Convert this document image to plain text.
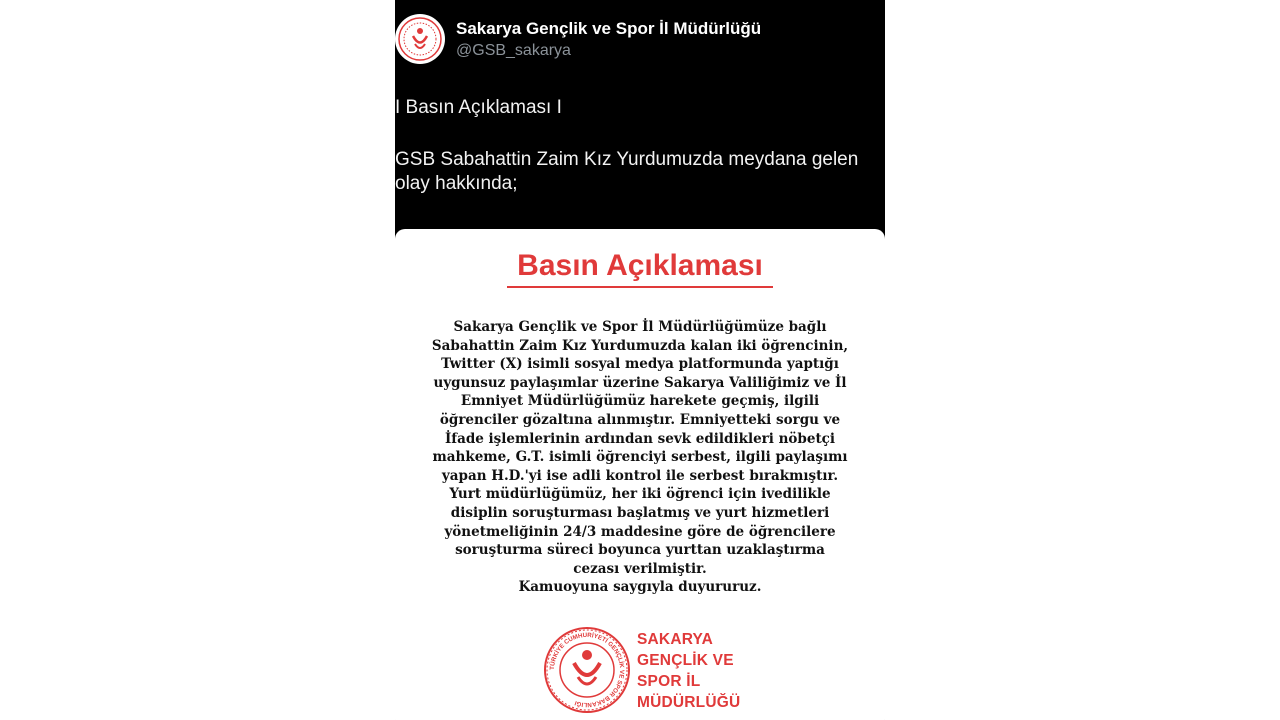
Sakarya Gençlik ve Spor İl Müdürlüğü
@GSB_sakarya

I Basın Açıklaması I

GSB Sabahattin Zaim Kız Yurdumuzda meydana gelen

olay hakkında;

Basın Açıklaması
Sakarya Gençlik ve Spor İl Müdürlüğümüze bağlı
Sabahattin Zaim Kız Yurdumuzda kalan iki öğrencinin,
Twitter (X) isimli sosyal medya platformunda yaptığı
uygunsuz paylaşımlar üzerine Sakarya Valiliğimiz ve İl
Emniyet Müdürlüğümüz harekete geçmiş, ilgili
öğrenciler gözaltına alınmıştır. Emniyetteki sorgu ve
İfade işlemlerinin ardından sevk edildikleri nöbetçi
mahkeme, G.T. isimli öğrenciyi serbest, ilgili paylaşımı
yapan H.D.'yi ise adli kontrol ile serbest bırakmıştır.
Yurt müdürlüğümüz, her iki öğrenci için ivedilikle
disiplin soruşturması başlatmış ve yurt hizmetleri
yönetmeliğinin 24/3 maddesine göre de öğrencilere
soruşturma süreci boyunca yurttan uzaklaştırma
cezası verilmiştir.
Kamuoyuna saygıyla duyururuz.
TÜRKİYE CUMHURİYETİ GENÇLİK VE SPOR BAKANLIĞI
SAKARYA
GENÇLİK VE
SPOR İL
MÜDÜRLÜĞÜ
